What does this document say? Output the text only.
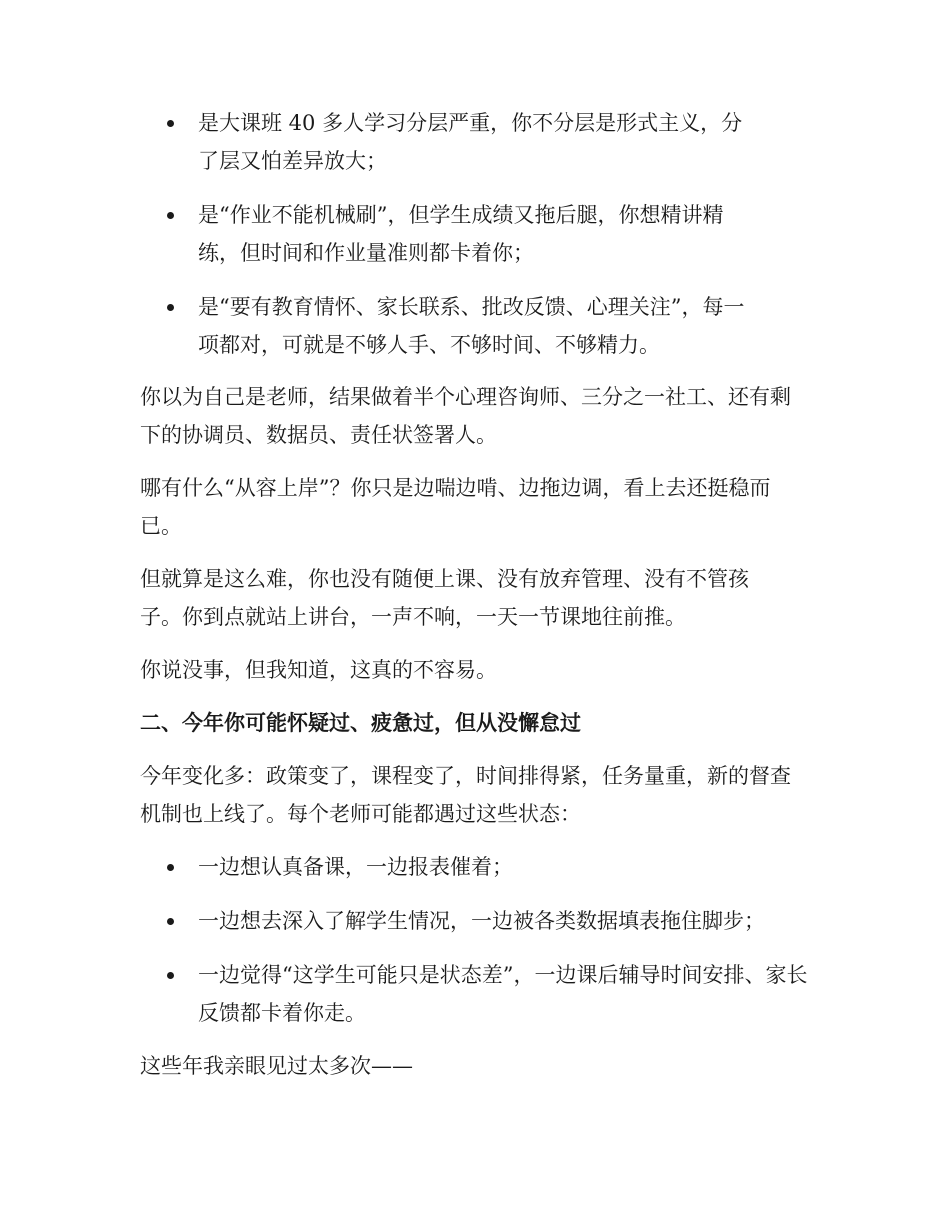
是大课班 40 多人学习分层严重，你不分层是形式主义，分了层又怕差异放大；
是“作业不能机械刷”，但学生成绩又拖后腿，你想精讲精练，但时间和作业量准则都卡着你；
是“要有教育情怀、家长联系、批改反馈、心理关注”，每一项都对，可就是不够人手、不够时间、不够精力。

你以为自己是老师，结果做着半个心理咨询师、三分之一社工、还有剩下的协调员、数据员、责任状签署人。

哪有什么“从容上岸”？你只是边喘边啃、边拖边调，看上去还挺稳而已。

但就算是这么难，你也没有随便上课、没有放弃管理、没有不管孩子。你到点就站上讲台，一声不响，一天一节课地往前推。

你说没事，但我知道，这真的不容易。

二、今年你可能怀疑过、疲惫过，但从没懈怠过

今年变化多：政策变了，课程变了，时间排得紧，任务量重，新的督查机制也上线了。每个老师可能都遇过这些状态：

一边想认真备课，一边报表催着；
一边想去深入了解学生情况，一边被各类数据填表拖住脚步；
一边觉得“这学生可能只是状态差”，一边课后辅导时间安排、家长反馈都卡着你走。

这些年我亲眼见过太多次——
